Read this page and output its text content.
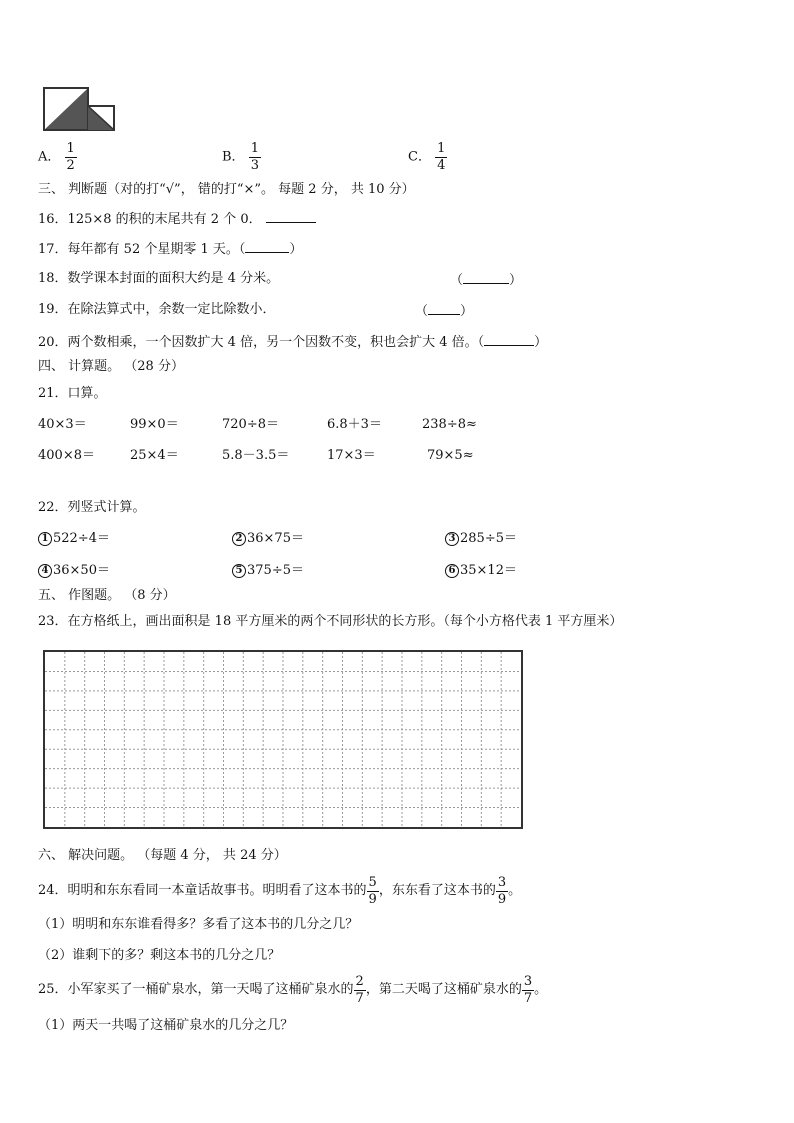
A． $\frac{1}{2}$	B． $\frac{1}{3}$	C． $\frac{1}{4}$
三、 判断题（对的打“√”， 错的打“×”。 每题 2 分， 共 10 分）
16．125×8 的积的末尾共有 2 个 0．
17．每年都有 52 个星期零 1 天。（	）
18．数学课本封面的面积大约是 4 分米。	（	）
19．在除法算式中，余数一定比除数小．	（ ）
20．两个数相乘，一个因数扩大 4 倍，另一个因数不变，积也会扩大 4 倍。（	）
四、 计算题。 （28 分）
21．口算。
40×3＝	99×0＝	720÷8＝	6.8＋3＝	238÷8≈
400×8＝	25×4＝	5.8－3.5＝	17×3＝	79×5≈
22．列竖式计算。
1 522÷4＝	2 36×75＝	3 285÷5＝
4 36×50＝	5 375÷5＝	6 35×12＝
五、 作图题。 （8 分）
23．在方格纸上，画出面积是 18 平方厘米的两个不同形状的长方形。（每个小方格代表 1 平方厘米）
六、 解决问题。 （每题 4 分， 共 24 分）
24．明明和东东看同一本童话故事书。明明看了这本书的 $\frac{5}{9}$ ，东东看了这本书的 $\frac{3}{9}$ 。
（1）明明和东东谁看得多？多看了这本书的几分之几？
（2）谁剩下的多？剩这本书的几分之几？
25．小军家买了一桶矿泉水，第一天喝了这桶矿泉水的 $\frac{2}{7}$ ，第二天喝了这桶矿泉水的 $\frac{3}{7}$ 。
（1）两天一共喝了这桶矿泉水的几分之几？
